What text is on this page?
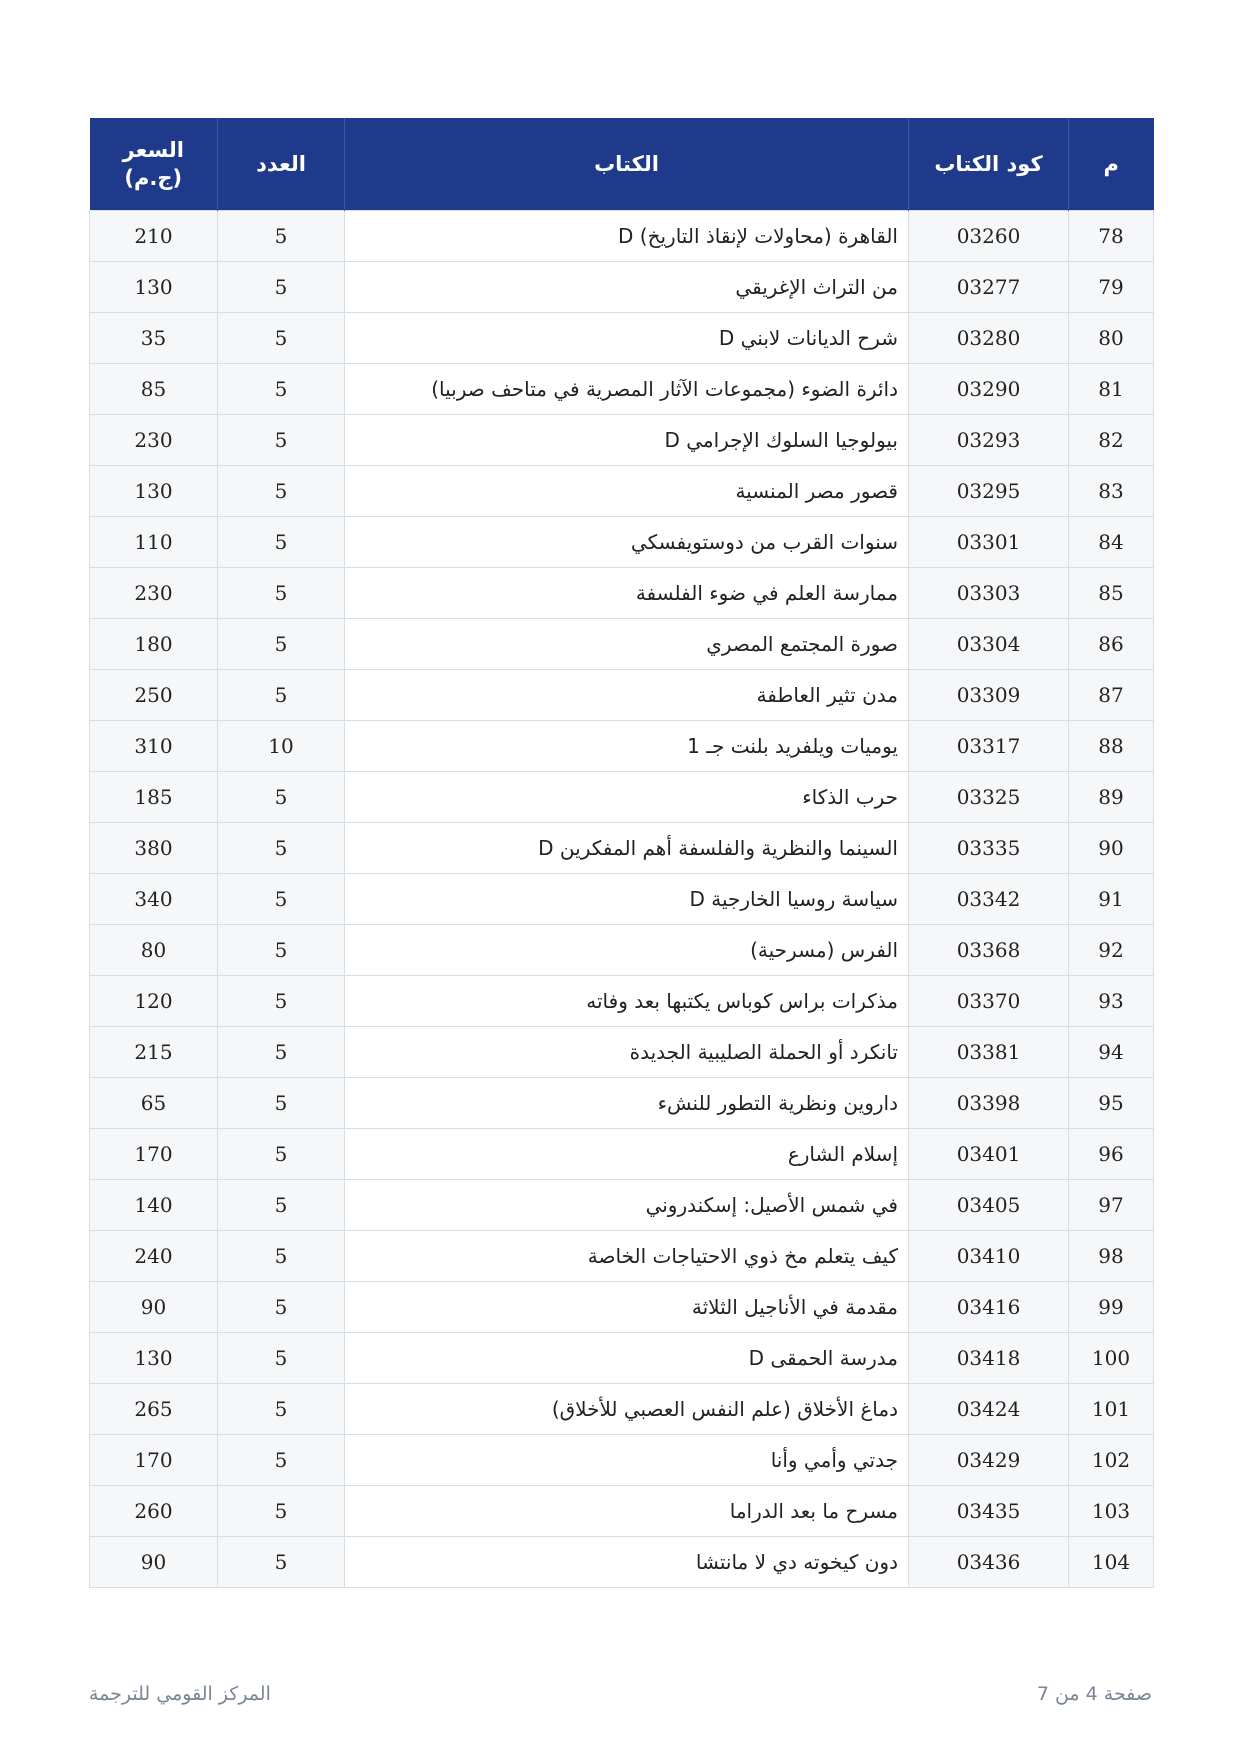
م	كود الكتاب	الكتاب	العدد	السعر
(ج.م)

78	03260	القاهرة (محاولات لإنقاذ التاريخ) D	5	210
79	03277	من التراث الإغريقي	5	130
80	03280	شرح الديانات لابني D	5	35
81	03290	دائرة الضوء (مجموعات الآثار المصرية في متاحف صربيا)	5	85
82	03293	بيولوجيا السلوك الإجرامي D	5	230
83	03295	قصور مصر المنسية	5	130
84	03301	سنوات القرب من دوستويفسكي	5	110
85	03303	ممارسة العلم في ضوء الفلسفة	5	230
86	03304	صورة المجتمع المصري	5	180
87	03309	مدن تثير العاطفة	5	250
88	03317	يوميات ويلفريد بلنت جـ 1	10	310
89	03325	حرب الذكاء	5	185
90	03335	السينما والنظرية والفلسفة أهم المفكرين D	5	380
91	03342	سياسة روسيا الخارجية D	5	340
92	03368	الفرس (مسرحية)	5	80
93	03370	مذكرات براس كوباس يكتبها بعد وفاته	5	120
94	03381	تانكرد أو الحملة الصليبية الجديدة	5	215
95	03398	داروين ونظرية التطور للنشء	5	65
96	03401	إسلام الشارع	5	170
97	03405	في شمس الأصيل: إسكندروني	5	140
98	03410	كيف يتعلم مخ ذوي الاحتياجات الخاصة	5	240
99	03416	مقدمة في الأناجيل الثلاثة	5	90
100	03418	مدرسة الحمقى D	5	130
101	03424	دماغ الأخلاق (علم النفس العصبي للأخلاق)	5	265
102	03429	جدتي وأمي وأنا	5	170
103	03435	مسرح ما بعد الدراما	5	260
104	03436	دون كيخوته دي لا مانتشا	5	90
صفحة 4 من 7
المركز القومي للترجمة
